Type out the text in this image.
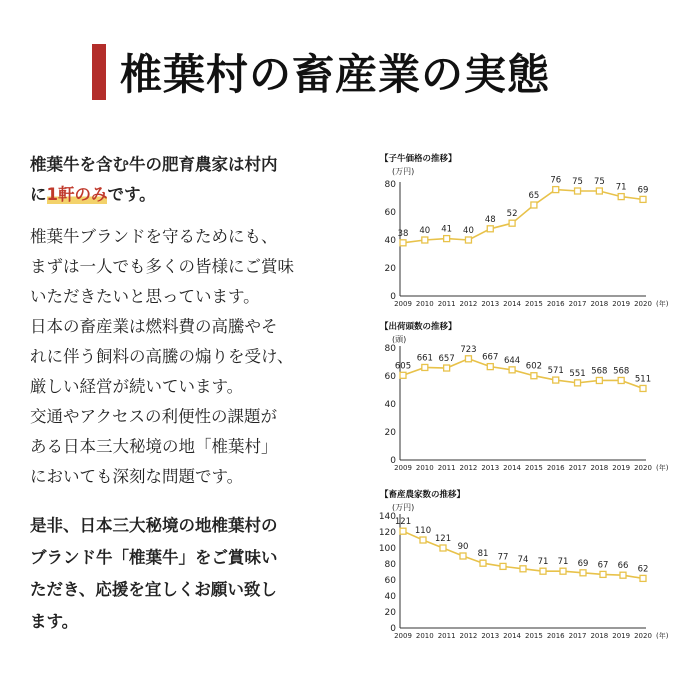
椎葉村の畜産業の実態

椎葉牛を含む牛の肥育農家は村内

に1軒のみです。

椎葉牛ブランドを守るためにも、

まずは一人でも多くの皆様にご賞味

いただきたいと思っています。

日本の畜産業は燃料費の高騰やそ

れに伴う飼料の高騰の煽りを受け、

厳しい経営が続いています。

交通やアクセスの利便性の課題が

ある日本三大秘境の地「椎葉村」

においても深刻な問題です。

是非、日本三大秘境の地椎葉村の
ブランド牛「椎葉牛」をご賞味い
ただき、応援を宜しくお願い致し
ます。
【子牛価格の推移】
(万円)
0
20
40
60
80
2009 2010 2011 2012 2013 2014 2015 2016 2017 2018 2019 2020 (年)
38 40 41 40
48
52
65
76 75 75
71 69
【出荷頭数の推移】
(頭)
0
20
40
60
80
2009 2010 2011 2012 2013 2014 2015 2016 2017 2018 2019 2020 (年)
605
661 657
723
667 644
602 571 551 568 568
511
【畜産農家数の推移】
(万円)
0
20
40
60
80
100
120
140
2009 2010 2011 2012 2013 2014 2015 2016 2017 2018 2019 2020 (年)
121
110
121
90
81 77 74 71 71 69 67 66 62
